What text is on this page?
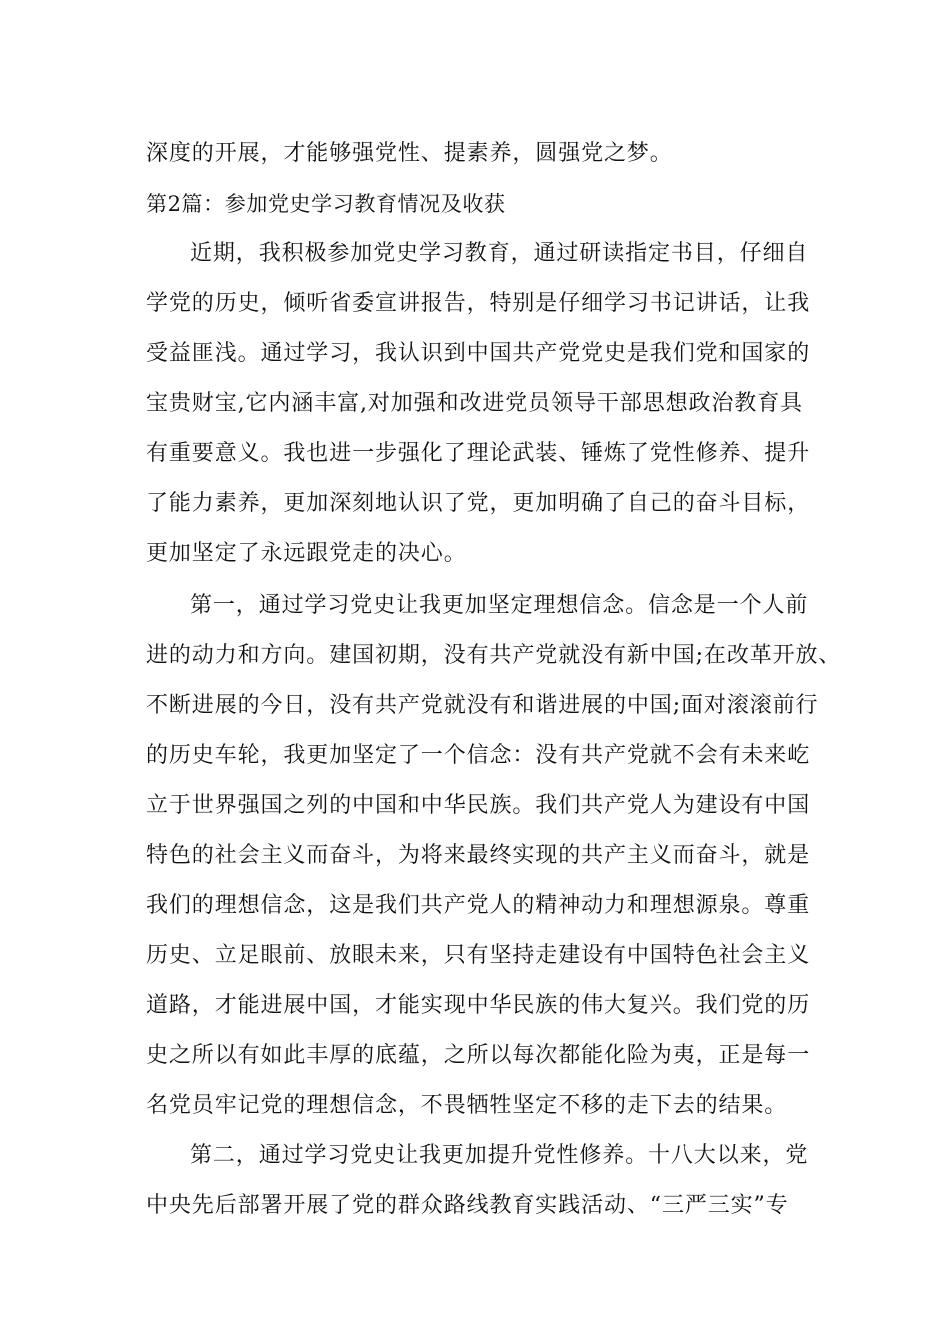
深度的开展，才能够强党性、提素养，圆强党之梦。
第2篇：参加党史学习教育情况及收获
近期，我积极参加党史学习教育，通过研读指定书目，仔细自
学党的历史，倾听省委宣讲报告，特别是仔细学习书记讲话，让我
受益匪浅。通过学习，我认识到中国共产党党史是我们党和国家的
宝贵财宝,它内涵丰富,对加强和改进党员领导干部思想政治教育具
有重要意义。我也进一步强化了理论武装、锤炼了党性修养、提升
了能力素养，更加深刻地认识了党，更加明确了自己的奋斗目标，
更加坚定了永远跟党走的决心。
第一，通过学习党史让我更加坚定理想信念。信念是一个人前
进的动力和方向。建国初期，没有共产党就没有新中国;在改革开放、
不断进展的今日，没有共产党就没有和谐进展的中国;面对滚滚前行
的历史车轮，我更加坚定了一个信念：没有共产党就不会有未来屹
立于世界强国之列的中国和中华民族。我们共产党人为建设有中国
特色的社会主义而奋斗，为将来最终实现的共产主义而奋斗，就是
我们的理想信念，这是我们共产党人的精神动力和理想源泉。尊重
历史、立足眼前、放眼未来，只有坚持走建设有中国特色社会主义
道路，才能进展中国，才能实现中华民族的伟大复兴。我们党的历
史之所以有如此丰厚的底蕴，之所以每次都能化险为夷，正是每一
名党员牢记党的理想信念，不畏牺牲坚定不移的走下去的结果。
第二，通过学习党史让我更加提升党性修养。十八大以来，党
中央先后部署开展了党的群众路线教育实践活动、“三严三实”专
